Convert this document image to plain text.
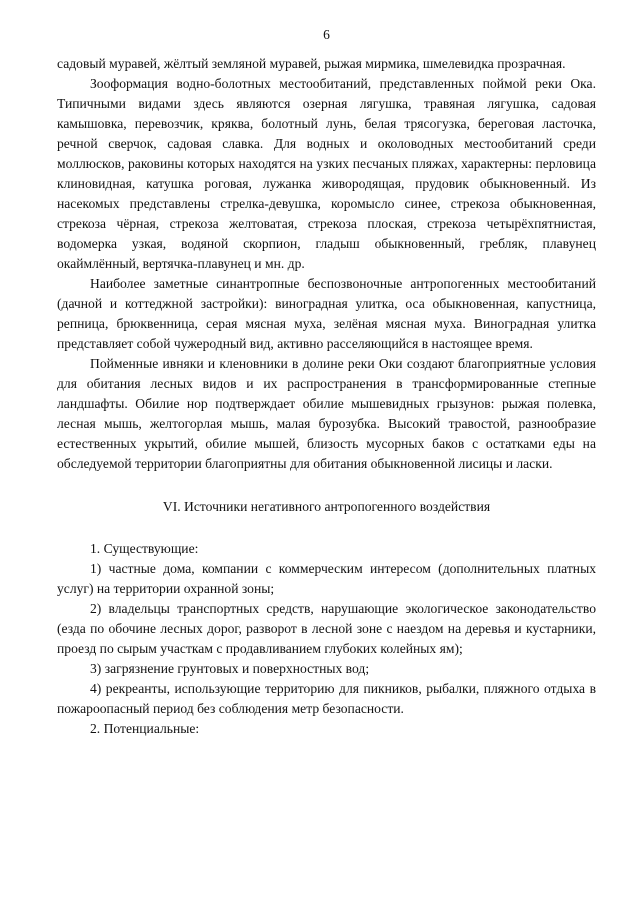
6

садовый муравей, жёлтый земляной муравей, рыжая мирмика, шмелевидка прозрачная.

Зооформация водно-болотных местообитаний, представленных поймой реки Ока. Типичными видами здесь являются озерная лягушка, травяная лягушка, садовая камышовка, перевозчик, кряква, болотный лунь, белая трясогузка, береговая ласточка, речной сверчок, садовая славка. Для водных и околоводных местообитаний среди моллюсков, раковины которых находятся на узких песчаных пляжах, характерны: перловица клиновидная, катушка роговая, лужанка живородящая, прудовик обыкновенный. Из насекомых представлены стрелка-девушка, коромысло синее, стрекоза обыкновенная, стрекоза чёрная, стрекоза желтоватая, стрекоза плоская, стрекоза четырёхпятнистая, водомерка узкая, водяной скорпион, гладыш обыкновенный, гребляк, плавунец окаймлённый, вертячка-плавунец и мн. др.

Наиболее заметные синантропные беспозвоночные антропогенных местообитаний (дачной и коттеджной застройки): виноградная улитка, оса обыкновенная, капустница, репница, брюквенница, серая мясная муха, зелёная мясная муха. Виноградная улитка представляет собой чужеродный вид, активно расселяющийся в настоящее время.

Пойменные ивняки и кленовники в долине реки Оки создают благоприятные условия для обитания лесных видов и их распространения в трансформированные степные ландшафты. Обилие нор подтверждает обилие мышевидных грызунов: рыжая полевка, лесная мышь, желтогорлая мышь, малая бурозубка. Высокий травостой, разнообразие естественных укрытий, обилие мышей, близость мусорных баков с остатками еды на обследуемой территории благоприятны для обитания обыкновенной лисицы и ласки.

VI. Источники негативного антропогенного воздействия

1. Существующие:

1) частные дома, компании с коммерческим интересом (дополнительных платных услуг) на территории охранной зоны;

2) владельцы транспортных средств, нарушающие экологическое законодательство (езда по обочине лесных дорог, разворот в лесной зоне с наездом на деревья и кустарники, проезд по сырым участкам с продавливанием глубоких колейных ям);

3) загрязнение грунтовых и поверхностных вод;

4) рекреанты, использующие территорию для пикников, рыбалки, пляжного отдыха в пожароопасный период без соблюдения метр безопасности.

2. Потенциальные:
